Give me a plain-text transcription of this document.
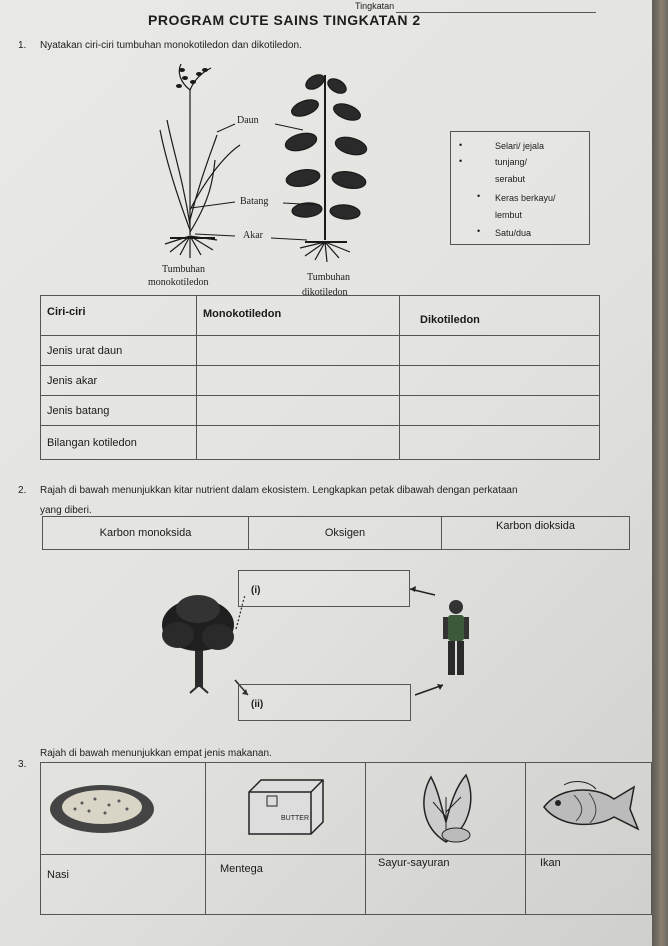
Tingkatan
PROGRAM CUTE SAINS TINGKATAN 2
1. Nyatakan ciri-ciri tumbuhan monokotiledon dan dikotiledon.
Daun
Batang
Akar
Tumbuhan
monokotiledon	Tumbuhan
dikotiledon
•	Selari/ jejala
•	tunjang/
serabut
• Keras berkayu/
lembut
• Satu/dua
Ciri-ciri	Monokotiledon	Dikotiledon
Jenis urat daun		
Jenis akar		
Jenis batang		
Bilangan kotiledon		
2. Rajah di bawah menunjukkan kitar nutrient dalam ekosistem. Lengkapkan petak dibawah dengan perkataan
yang diberi.
Karbon monoksida	Oksigen	Karbon dioksida
(i)
(ii)
3.
Rajah di bawah menunjukkan empat jenis makanan.

BUTTER

Nasi	Mentega	Sayur-sayuran	Ikan
